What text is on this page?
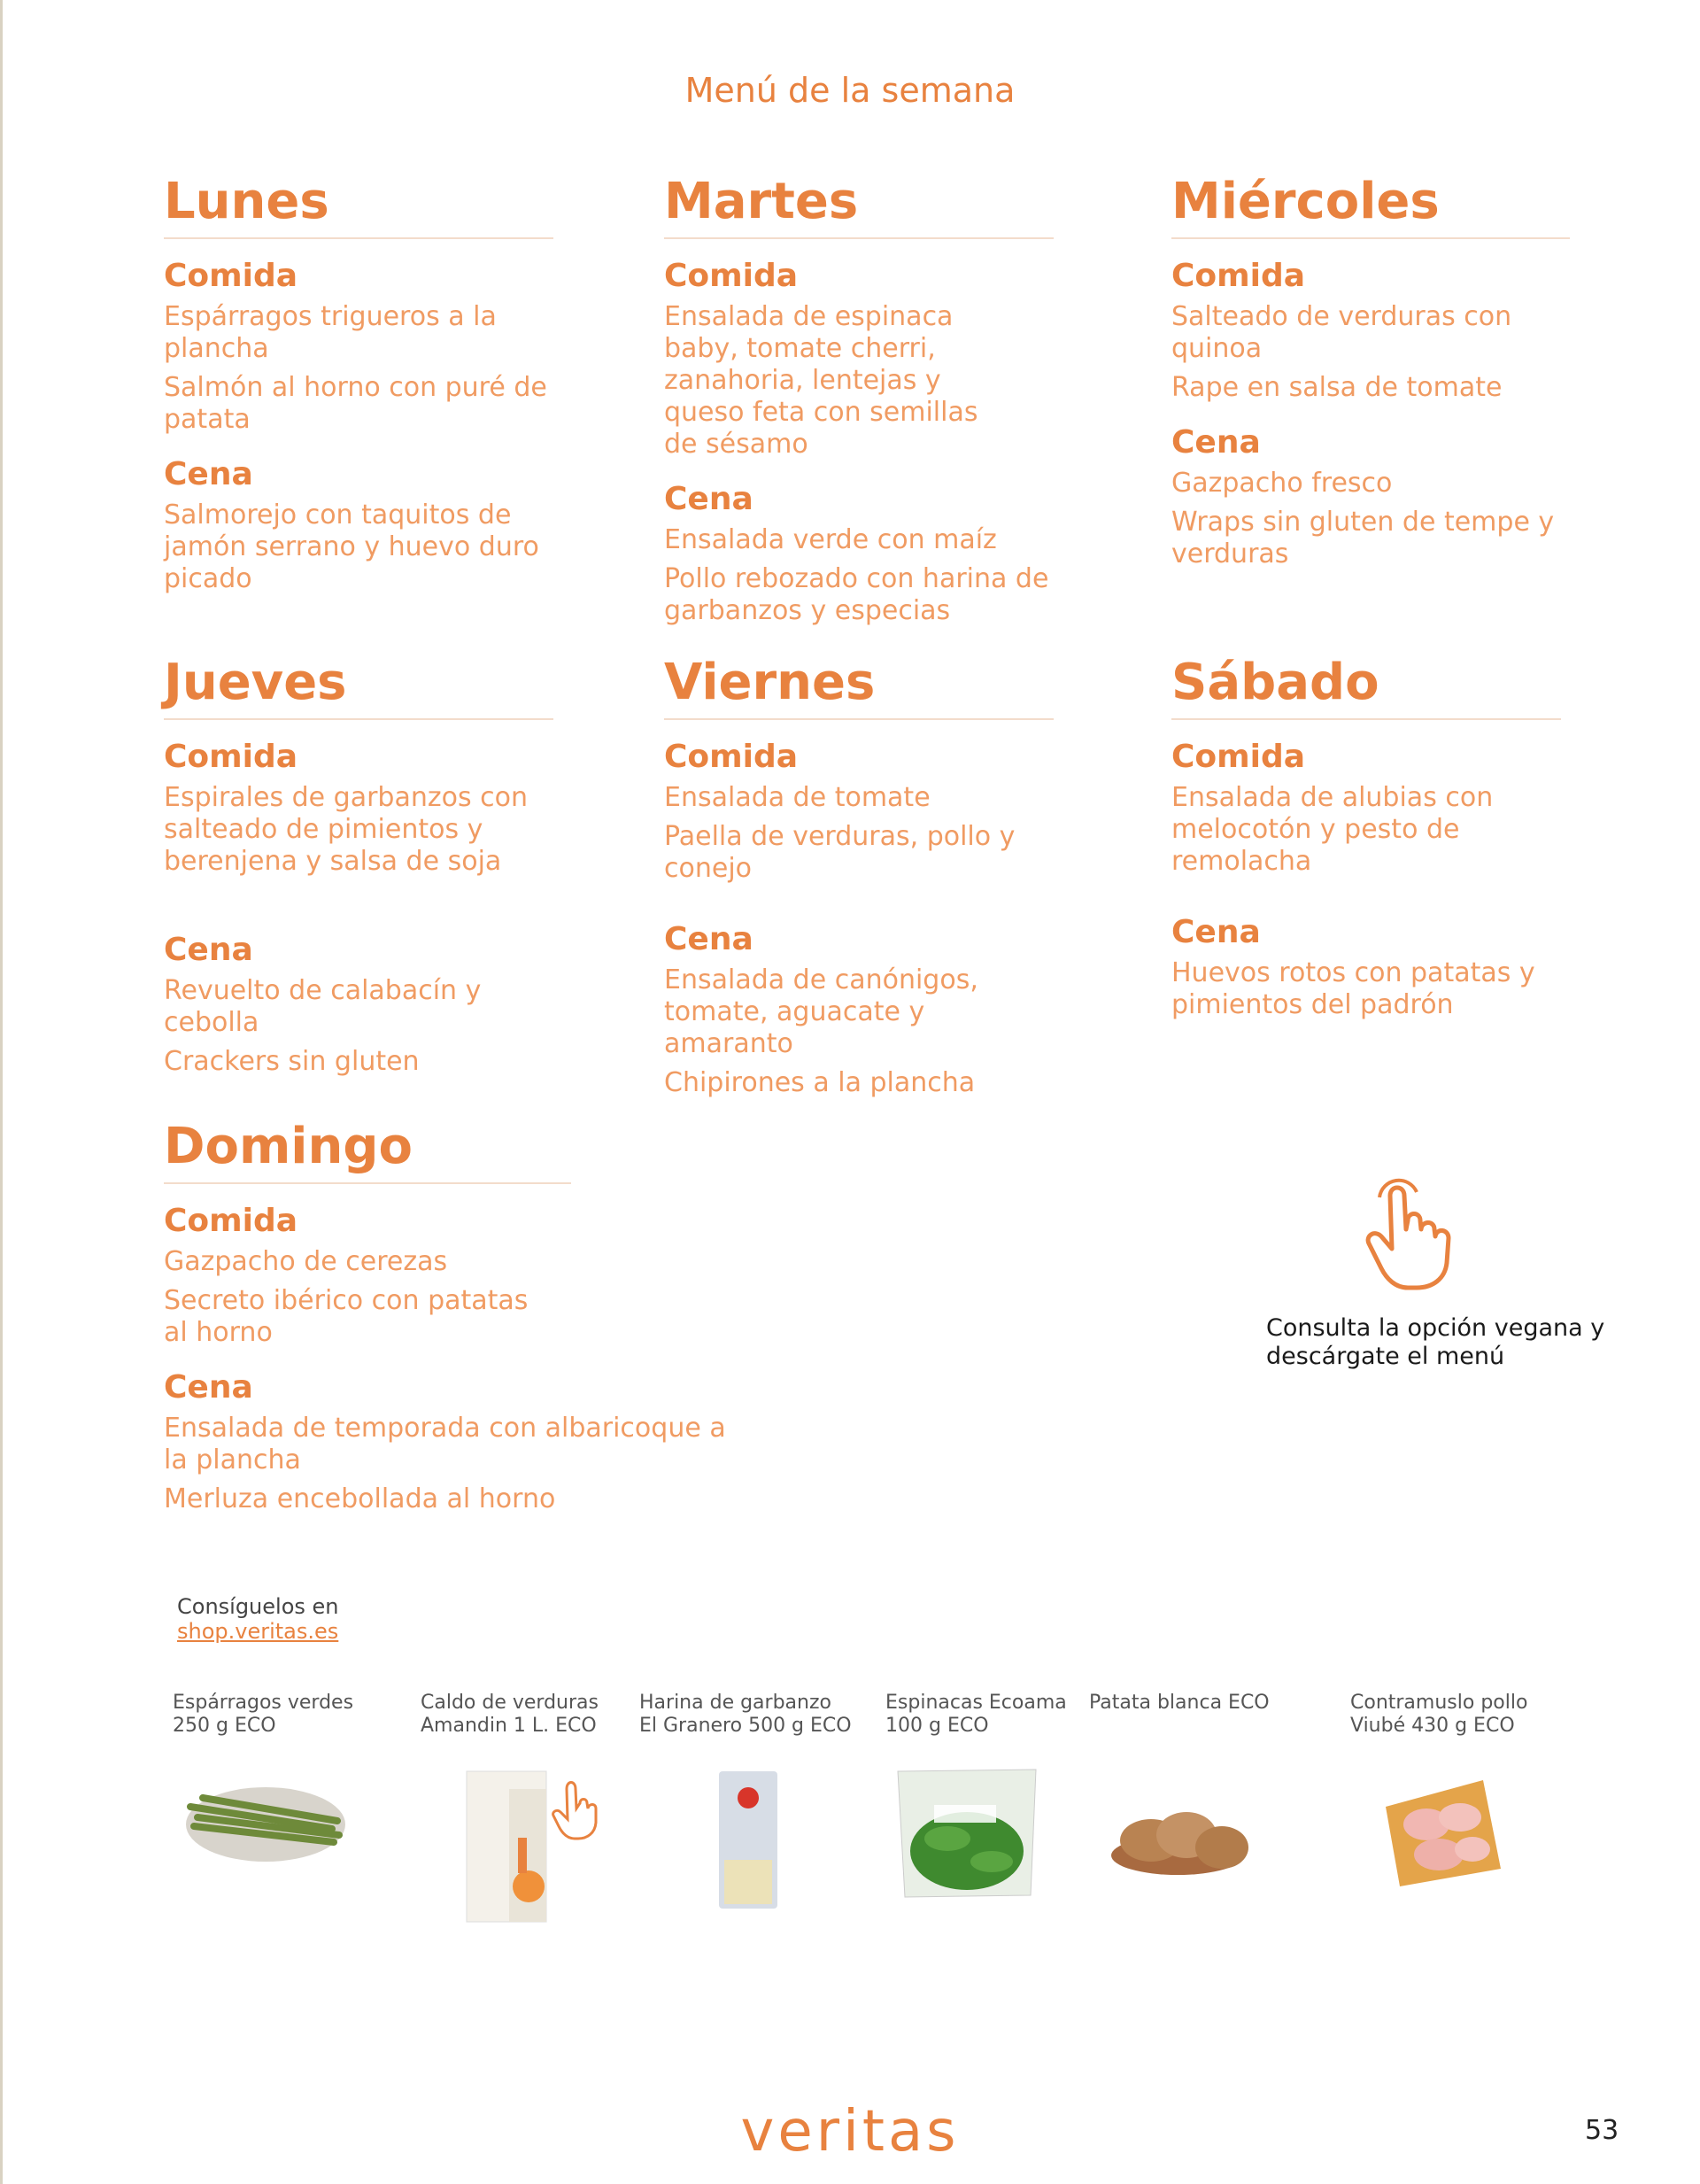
Menú de la semana
Lunes
Comida
Espárragos trigueros a la plancha
Salmón al horno con puré de patata
Cena
Salmorejo con taquitos de jamón serrano y huevo duro picado
Martes
Comida
Ensalada de espinaca baby, tomate cherri, zanahoria, lentejas y queso feta con semillas de sésamo
Cena
Ensalada verde con maíz
Pollo rebozado con harina de garbanzos y especias
Miércoles
Comida
Salteado de verduras con quinoa
Rape en salsa de tomate
Cena
Gazpacho fresco
Wraps sin gluten de tempe y verduras
Jueves
Comida
Espirales de garbanzos con salteado de pimientos y berenjena y salsa de soja
Cena
Revuelto de calabacín y cebolla
Crackers sin gluten
Viernes
Comida
Ensalada de tomate
Paella de verduras, pollo y conejo
Cena
Ensalada de canónigos, tomate, aguacate y amaranto
Chipirones a la plancha
Sábado
Comida
Ensalada de alubias con melocotón y pesto de remolacha
Cena
Huevos rotos con patatas y pimientos del padrón
Domingo
Comida
Gazpacho de cerezas
Secreto ibérico con patatas al horno
Cena
Ensalada de temporada con albaricoque a la plancha
Merluza encebollada al horno
Consulta la opción vegana y descárgate el menú
Consíguelos en
shop.veritas.es
Espárragos verdes 250 g ECO
Caldo de verduras Amandin 1 L. ECO
Harina de garbanzo El Granero 500 g ECO
Espinacas Ecoama 100 g ECO
Patata blanca ECO	Contramuslo pollo Viubé 430 g ECO
veritas	53
